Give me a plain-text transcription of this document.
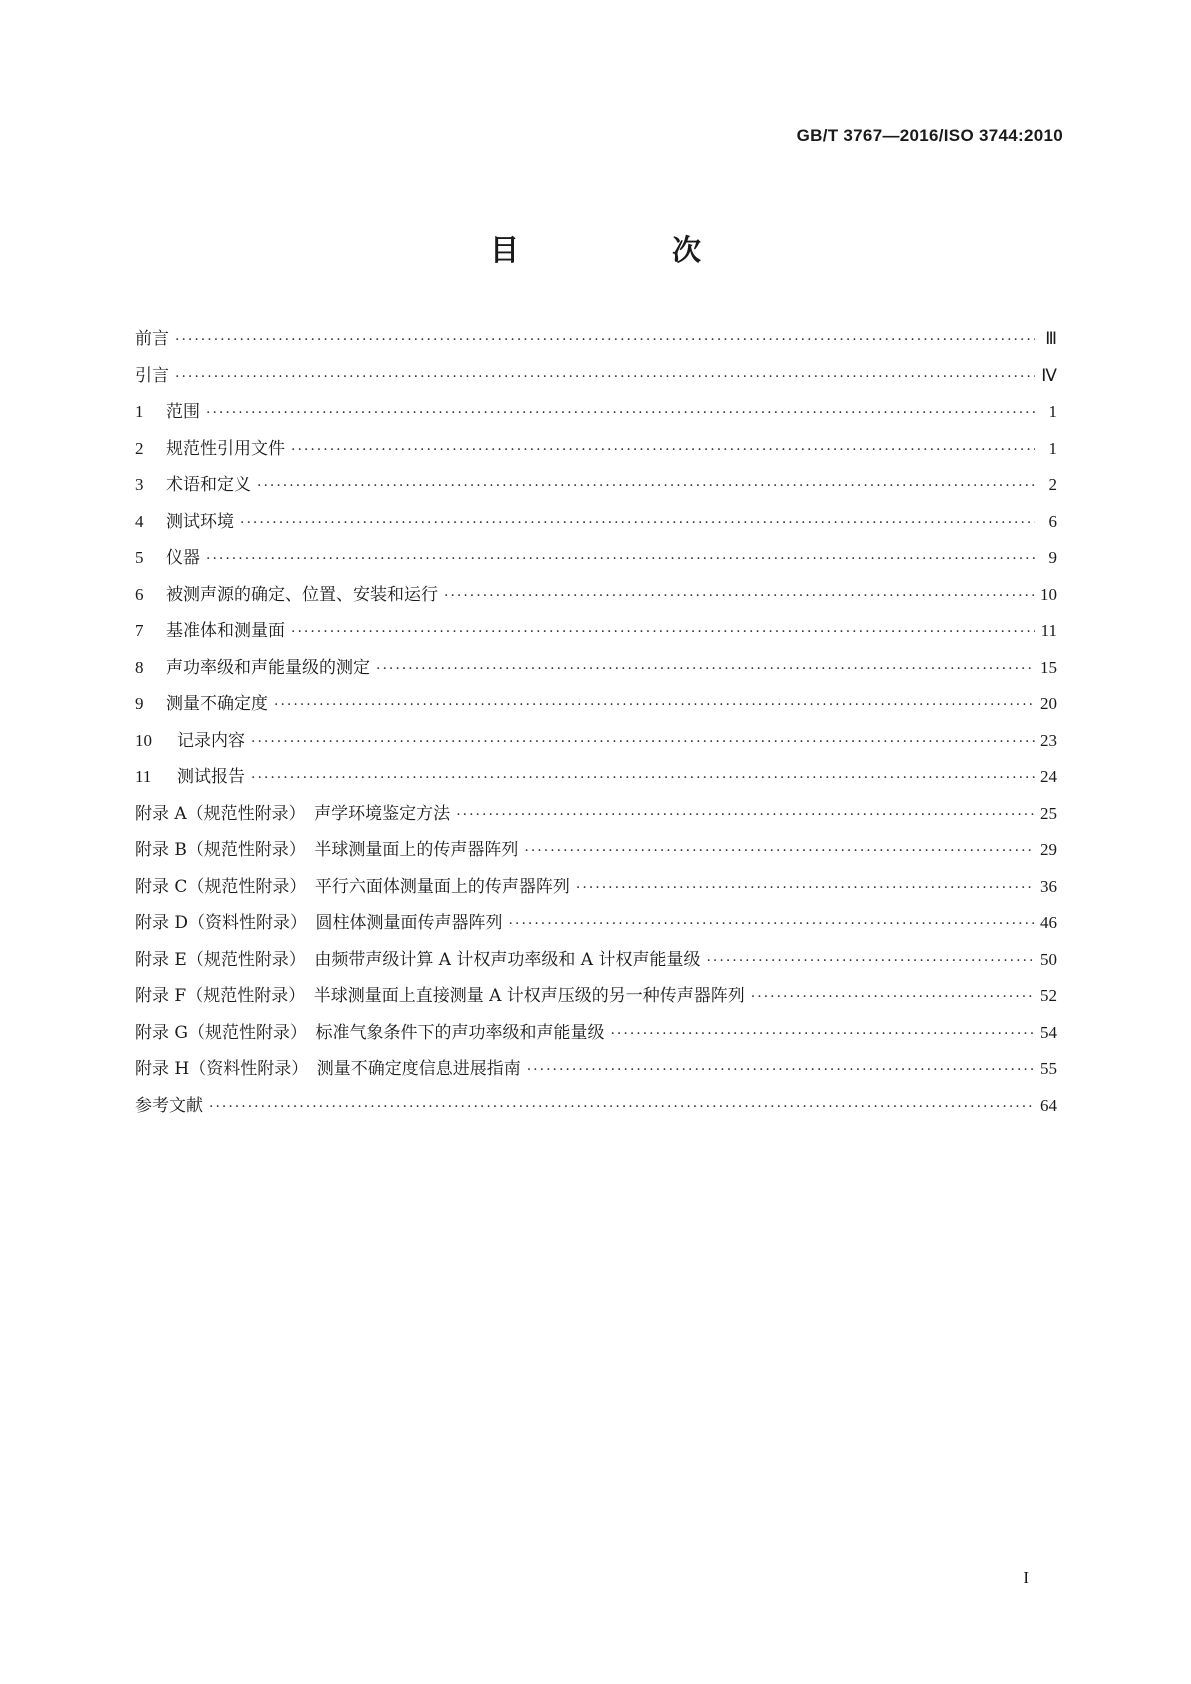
GB/T 3767—2016/ISO 3744:2010
目　次
前言 ·····	Ⅲ
引言 ·····	Ⅳ
1 范围 ·····	1
2 规范性引用文件 ·····	1
3 术语和定义 ·····	2
4 测试环境 ·····	6
5 仪器 ·····	9
6 被测声源的确定、位置、安装和运行 ·····	10
7 基准体和测量面 ·····	11
8 声功率级和声能量级的测定 ·····	15
9 测量不确定度 ·····	20
10 记录内容 ·····	23
11 测试报告 ·····	24
附录 A（规范性附录）　声学环境鉴定方法 ·····	25
附录 B（规范性附录）　半球测量面上的传声器阵列 ·····	29
附录 C（规范性附录）　平行六面体测量面上的传声器阵列 ·····	36
附录 D（资料性附录）　圆柱体测量面传声器阵列 ·····	46
附录 E（规范性附录）　由频带声级计算 A 计权声功率级和 A 计权声能量级 ·····	50
附录 F（规范性附录）　半球测量面上直接测量 A 计权声压级的另一种传声器阵列 ·····	52
附录 G（规范性附录）　标准气象条件下的声功率级和声能量级 ·····	54
附录 H（资料性附录）　测量不确定度信息进展指南 ·····	55
参考文献 ·····	64
I
